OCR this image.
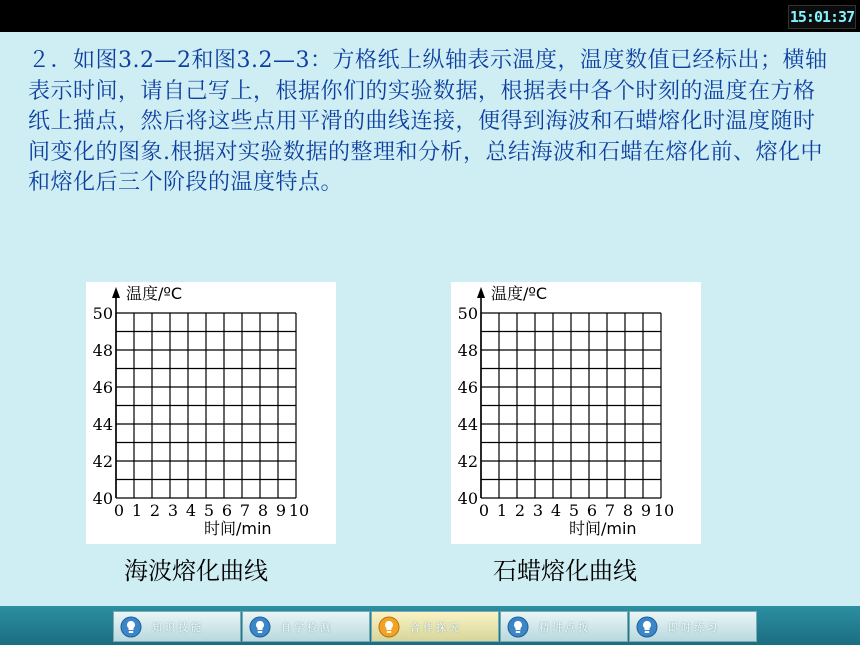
15:01:37
２．如图3.2—2和图3.2—3：方格纸上纵轴表示温度，温度数值已经标出；横轴表示时间，请自己写上，根据你们的实验数据，根据表中各个时刻的温度在方格纸上描点，然后将这些点用平滑的曲线连接，便得到海波和石蜡熔化时温度随时间变化的图象.根据对实验数据的整理和分析，总结海波和石蜡在熔化前、熔化中和熔化后三个阶段的温度特点。
温度/ºC
40
42
44
46
48
50
0 1 2 3 4 5 6 7 8 9 10
时间/min
温度/ºC
40
42
44
46
48
50
0 1 2 3 4 5 6 7 8 9 10
时间/min
海波熔化曲线	石蜡熔化曲线
知识技能	自学检测	合作探究	精讲点拨	即时练习
